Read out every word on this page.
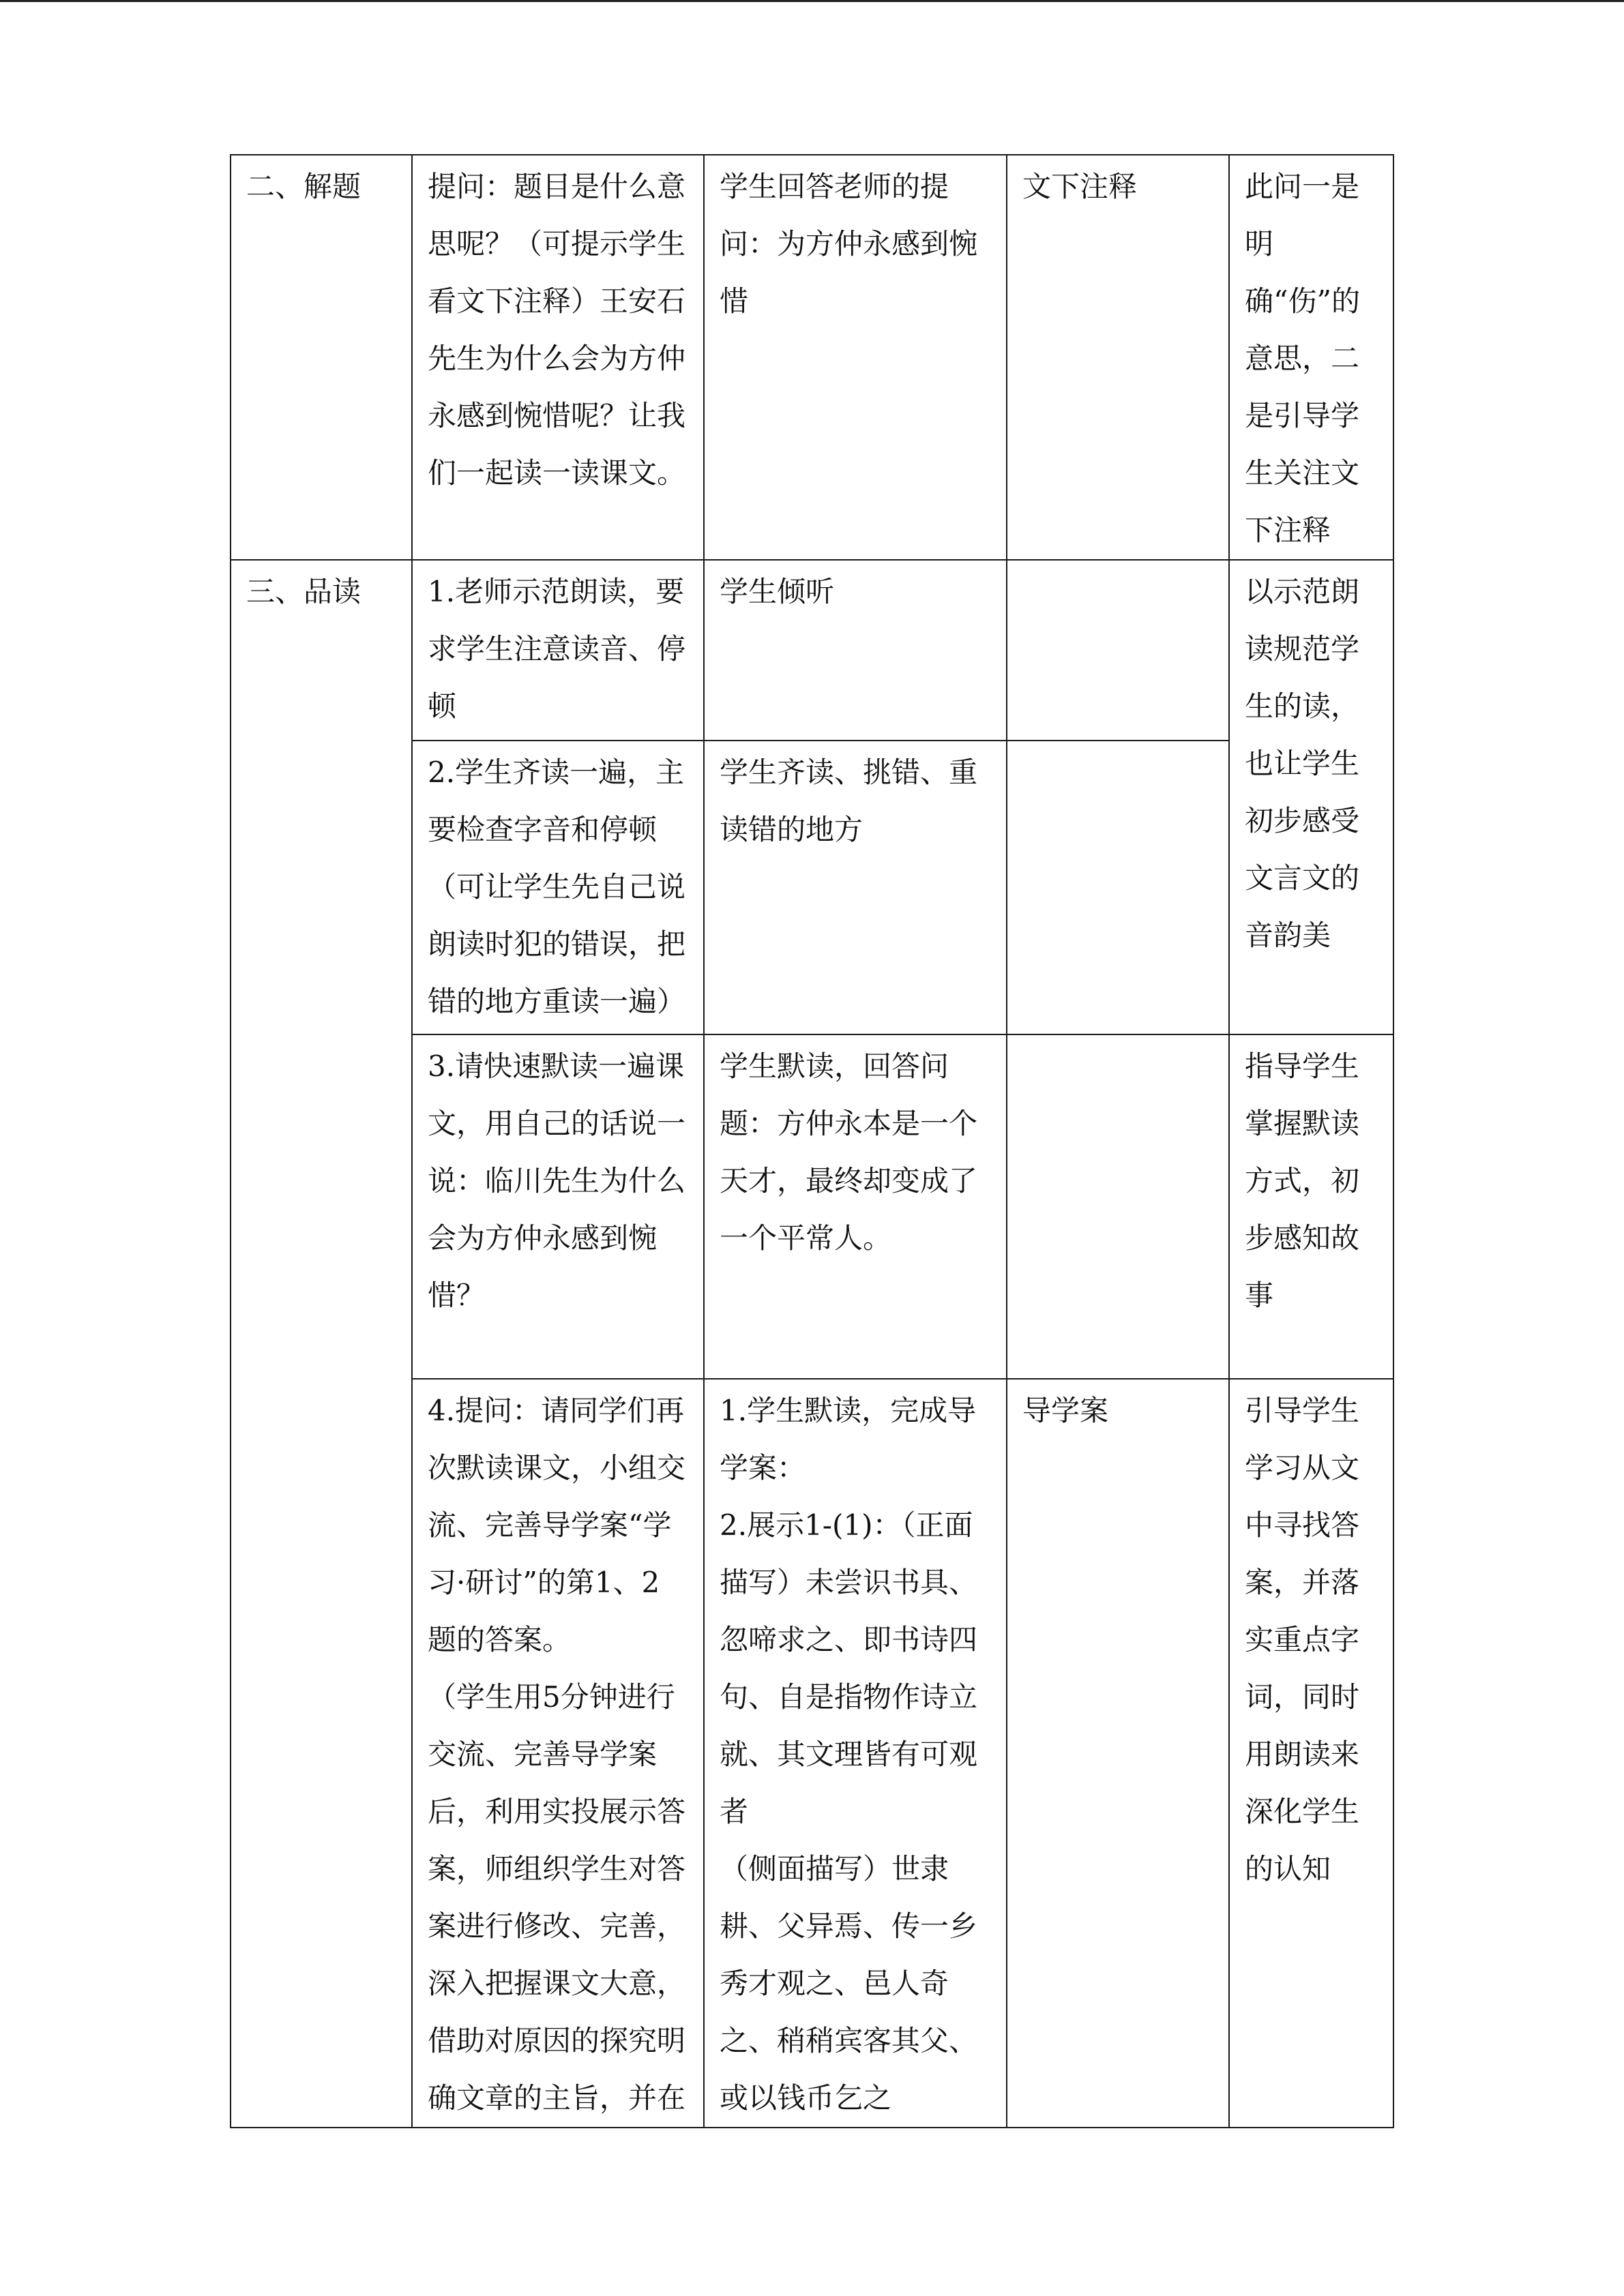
二、解题	提问：题目是什么意思呢？（可提示学生看文下注释）王安石先生为什么会为方仲永感到惋惜呢？让我们一起读一读课文。	学生回答老师的提问：为方仲永感到惋惜	文下注释	此问一是明确“伤”的意思，二是引导学生关注文下注释

三、品读	1.老师示范朗读，要求学生注意读音、停顿	学生倾听		以示范朗读规范学生的读，也让学生初步感受文言文的音韵美

	2.学生齐读一遍，主要检查字音和停顿（可让学生先自己说朗读时犯的错误，把错的地方重读一遍）	学生齐读、挑错、重读错的地方		

	3.请快速默读一遍课文，用自己的话说一说：临川先生为什么会为方仲永感到惋惜？	学生默读，回答问题：方仲永本是一个天才，最终却变成了一个平常人。		指导学生掌握默读方式，初步感知故事

	4.提问：请同学们再次默读课文，小组交流、完善导学案“学习·研讨”的第1、2题的答案。
（学生用5分钟进行交流、完善导学案后，利用实投展示答案，师组织学生对答案进行修改、完善，深入把握课文大意，借助对原因的探究明确文章的主旨，并在	1.学生默读，完成导学案：
2.展示1-(1)：（正面描写）未尝识书具、忽啼求之、即书诗四句、自是指物作诗立就、其文理皆有可观者
（侧面描写）世隶耕、父异焉、传一乡秀才观之、邑人奇之、稍稍宾客其父、或以钱币乞之	导学案	引导学生学习从文中寻找答案，并落实重点字词，同时用朗读来深化学生的认知
